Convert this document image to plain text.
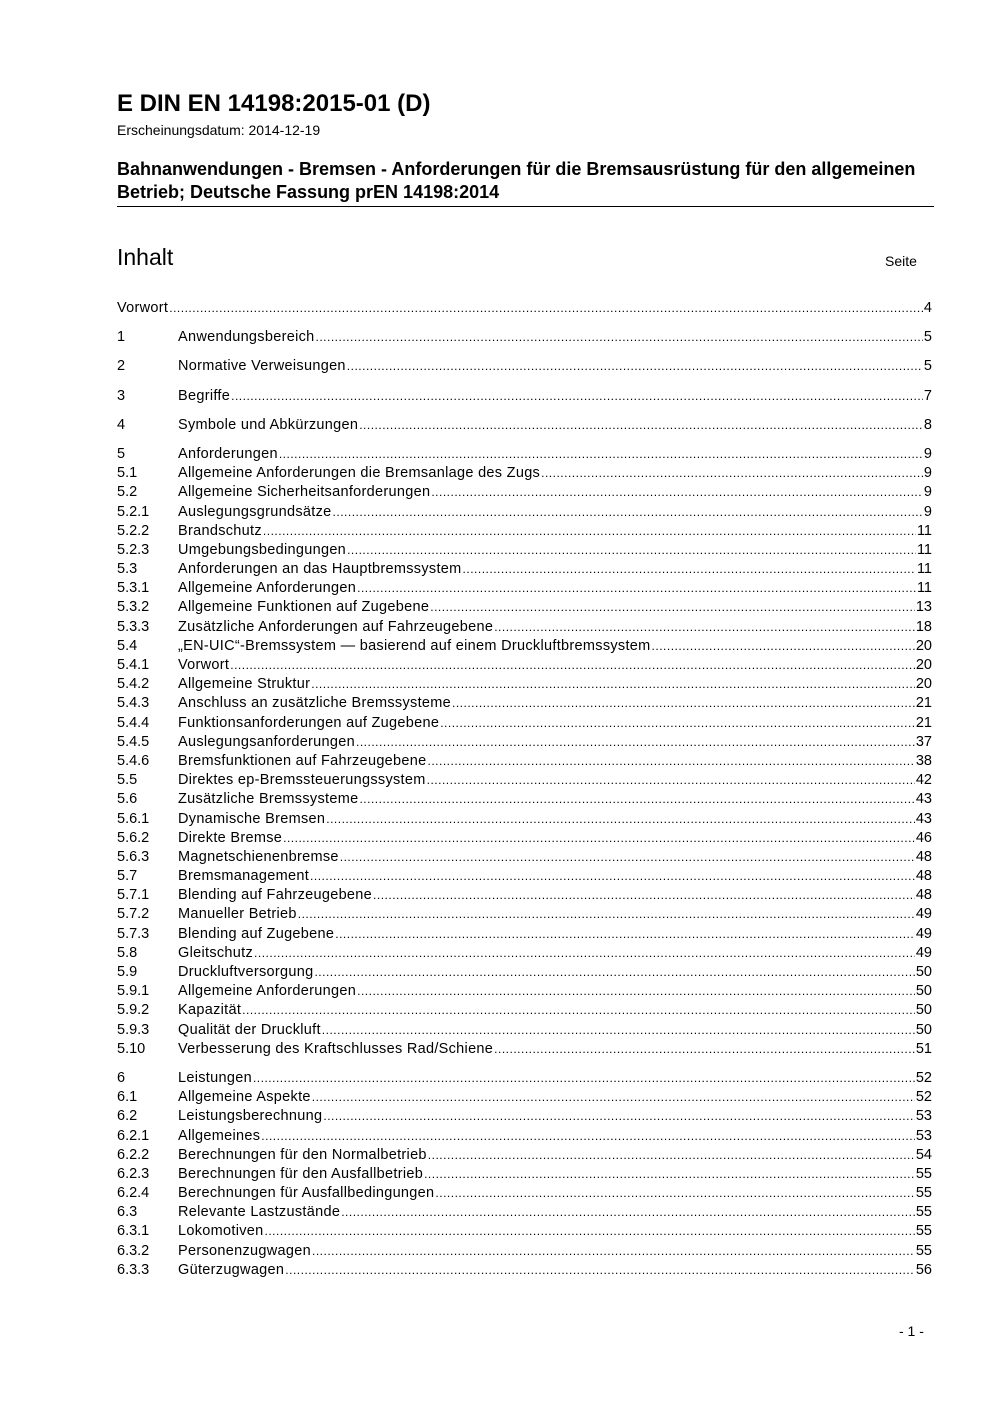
E DIN EN 14198:2015-01 (D)
Erscheinungsdatum: 2014-12-19
Bahnanwendungen - Bremsen - Anforderungen für die Bremsausrüstung für den allgemeinen Betrieb; Deutsche Fassung prEN 14198:2014
Inhalt	Seite
Vorwort .....	4
1	Anwendungsbereich .....	5
2	Normative Verweisungen .....	5
3	Begriffe .....	7
4	Symbole und Abkürzungen .....	8
5	Anforderungen .....	9
5.1	Allgemeine Anforderungen die Bremsanlage des Zugs .....	9
5.2	Allgemeine Sicherheitsanforderungen .....	9
5.2.1	Auslegungsgrundsätze .....	9
5.2.2	Brandschutz .....	11
5.2.3	Umgebungsbedingungen .....	11
5.3	Anforderungen an das Hauptbremssystem .....	11
5.3.1	Allgemeine Anforderungen .....	11
5.3.2	Allgemeine Funktionen auf Zugebene .....	13
5.3.3	Zusätzliche Anforderungen auf Fahrzeugebene .....	18
5.4	„EN-UIC“-Bremssystem — basierend auf einem Druckluftbremssystem .....	20
5.4.1	Vorwort .....	20
5.4.2	Allgemeine Struktur .....	20
5.4.3	Anschluss an zusätzliche Bremssysteme .....	21
5.4.4	Funktionsanforderungen auf Zugebene .....	21
5.4.5	Auslegungsanforderungen .....	37
5.4.6	Bremsfunktionen auf Fahrzeugebene .....	38
5.5	Direktes ep-Bremssteuerungssystem .....	42
5.6	Zusätzliche Bremssysteme .....	43
5.6.1	Dynamische Bremsen .....	43
5.6.2	Direkte Bremse .....	46
5.6.3	Magnetschienenbremse .....	48
5.7	Bremsmanagement .....	48
5.7.1	Blending auf Fahrzeugebene .....	48
5.7.2	Manueller Betrieb .....	49
5.7.3	Blending auf Zugebene .....	49
5.8	Gleitschutz .....	49
5.9	Druckluftversorgung .....	50
5.9.1	Allgemeine Anforderungen .....	50
5.9.2	Kapazität .....	50
5.9.3	Qualität der Druckluft .....	50
5.10	Verbesserung des Kraftschlusses Rad/Schiene .....	51
6	Leistungen .....	52
6.1	Allgemeine Aspekte .....	52
6.2	Leistungsberechnung .....	53
6.2.1	Allgemeines .....	53
6.2.2	Berechnungen für den Normalbetrieb .....	54
6.2.3	Berechnungen für den Ausfallbetrieb .....	55
6.2.4	Berechnungen für Ausfallbedingungen .....	55
6.3	Relevante Lastzustände .....	55
6.3.1	Lokomotiven .....	55
6.3.2	Personenzugwagen .....	55
6.3.3	Güterzugwagen .....	56
- 1 -
